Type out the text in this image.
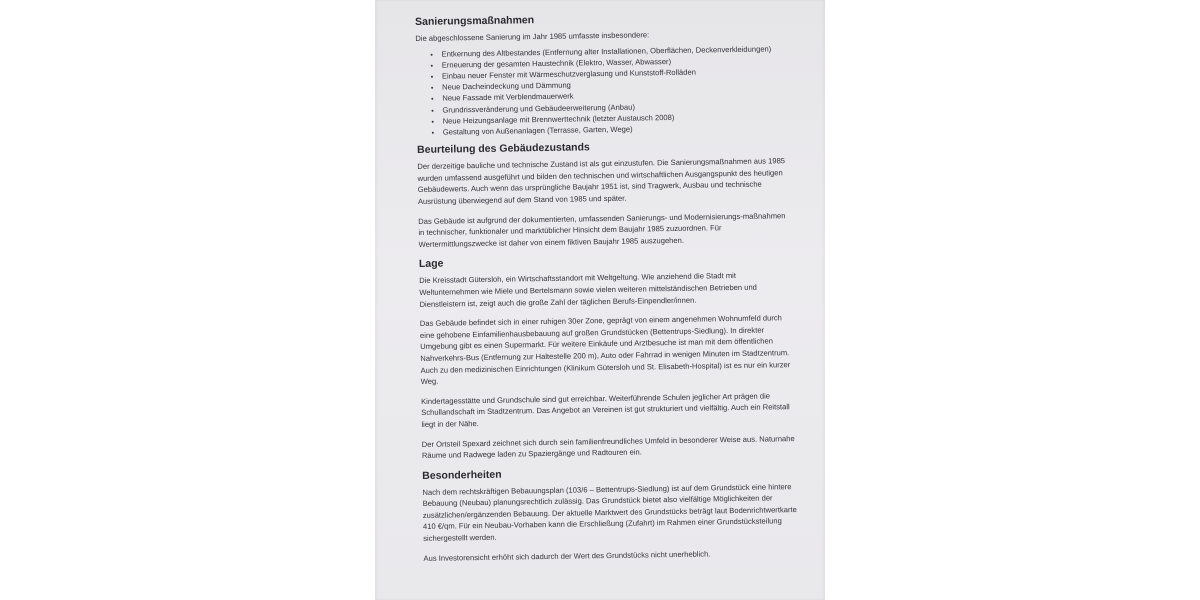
Sanierungsmaßnahmen

Die abgeschlossene Sanierung im Jahr 1985 umfasste insbesondere:

• Entkernung des Altbestandes (Entfernung alter Installationen, Oberflächen, Deckenverkleidungen)
• Erneuerung der gesamten Haustechnik (Elektro, Wasser, Abwasser)
• Einbau neuer Fenster mit Wärmeschutzverglasung und Kunststoff-Rolläden
• Neue Dacheindeckung und Dämmung
• Neue Fassade mit Verblendmauerwerk
• Grundrissveränderung und Gebäudeerweiterung (Anbau)
• Neue Heizungsanlage mit Brennwerttechnik (letzter Austausch 2008)
• Gestaltung von Außenanlagen (Terrasse, Garten, Wege)
Beurteilung des Gebäudezustands

Der derzeitige bauliche und technische Zustand ist als gut einzustufen. Die Sanierungsmaßnahmen aus 1985 wurden umfassend ausgeführt und bilden den technischen und wirtschaftlichen Ausgangspunkt des heutigen Gebäudewerts. Auch wenn das ursprüngliche Baujahr 1951 ist, sind Tragwerk, Ausbau und technische Ausrüstung überwiegend auf dem Stand von 1985 und später.

Das Gebäude ist aufgrund der dokumentierten, umfassenden Sanierungs- und Modernisierungs-maßnahmen in technischer, funktionaler und marktüblicher Hinsicht dem Baujahr 1985 zuzuordnen. Für Wertermittlungszwecke ist daher von einem fiktiven Baujahr 1985 auszugehen.

Lage

Die Kreisstadt Gütersloh, ein Wirtschaftsstandort mit Weltgeltung. Wie anziehend die Stadt mit Weltunternehmen wie Miele und Bertelsmann sowie vielen weiteren mittelständischen Betrieben und Dienstleistern ist, zeigt auch die große Zahl der täglichen Berufs-Einpendler/innen.

Das Gebäude befindet sich in einer ruhigen 30er Zone, geprägt von einem angenehmen Wohnumfeld durch eine gehobene Einfamilienhausbebauung auf großen Grundstücken (Bettentrups-Siedlung). In direkter Umgebung gibt es einen Supermarkt. Für weitere Einkäufe und Arztbesuche ist man mit dem öffentlichen Nahverkehrs-Bus (Entfernung zur Haltestelle 200 m), Auto oder Fahrrad in wenigen Minuten im Stadtzentrum. Auch zu den medizinischen Einrichtungen (Klinikum Gütersloh und St. Elisabeth-Hospital) ist es nur ein kurzer Weg.

Kindertagesstätte und Grundschule sind gut erreichbar. Weiterführende Schulen jeglicher Art prägen die Schullandschaft im Stadtzentrum. Das Angebot an Vereinen ist gut strukturiert und vielfältig. Auch ein Reitstall liegt in der Nähe.

Der Ortsteil Spexard zeichnet sich durch sein familienfreundliches Umfeld in besonderer Weise aus. Naturnahe Räume und Radwege laden zu Spaziergänge und Radtouren ein.

Besonderheiten

Nach dem rechtskräftigen Bebauungsplan (103/6 – Bettentrups-Siedlung) ist auf dem Grundstück eine hintere Bebauung (Neubau) planungsrechtlich zulässig. Das Grundstück bietet also vielfältige Möglichkeiten der zusätzlichen/ergänzenden Bebauung. Der aktuelle Marktwert des Grundstücks beträgt laut Bodenrichtwertkarte 410 €/qm. Für ein Neubau-Vorhaben kann die Erschließung (Zufahrt) im Rahmen einer Grundstücksteilung sichergestellt werden.

Aus Investorensicht erhöht sich dadurch der Wert des Grundstücks nicht unerheblich.
